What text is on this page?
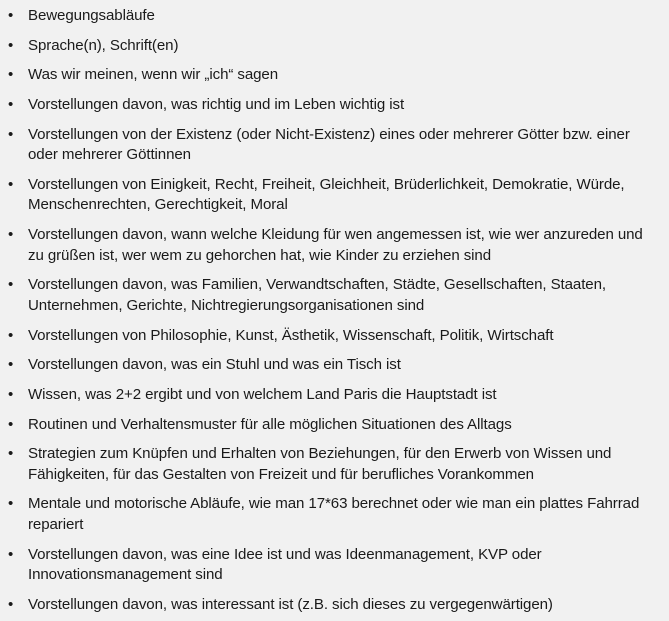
• Bewegungsabläufe
• Sprache(n), Schrift(en)
• Was wir meinen, wenn wir „ich“ sagen
• Vorstellungen davon, was richtig und im Leben wichtig ist
• Vorstellungen von der Existenz (oder Nicht-Existenz) eines oder mehrerer Götter bzw. einer oder mehrerer Göttinnen
• Vorstellungen von Einigkeit, Recht, Freiheit, Gleichheit, Brüderlichkeit, Demokratie, Würde, Menschenrechten, Gerechtigkeit, Moral
• Vorstellungen davon, wann welche Kleidung für wen angemessen ist, wie wer anzureden und zu grüßen ist, wer wem zu gehorchen hat, wie Kinder zu erziehen sind
• Vorstellungen davon, was Familien, Verwandtschaften, Städte, Gesellschaften, Staaten, Unternehmen, Gerichte, Nichtregierungsorganisationen sind
• Vorstellungen von Philosophie, Kunst, Ästhetik, Wissenschaft, Politik, Wirtschaft
• Vorstellungen davon, was ein Stuhl und was ein Tisch ist
• Wissen, was 2+2 ergibt und von welchem Land Paris die Hauptstadt ist
• Routinen und Verhaltensmuster für alle möglichen Situationen des Alltags
• Strategien zum Knüpfen und Erhalten von Beziehungen, für den Erwerb von Wissen und Fähigkeiten, für das Gestalten von Freizeit und für berufliches Vorankommen
• Mentale und motorische Abläufe, wie man 17*63 berechnet oder wie man ein plattes Fahrrad repariert
• Vorstellungen davon, was eine Idee ist und was Ideenmanagement, KVP oder Innovationsmanagement sind
• Vorstellungen davon, was interessant ist (z.B. sich dieses zu vergegenwärtigen)
